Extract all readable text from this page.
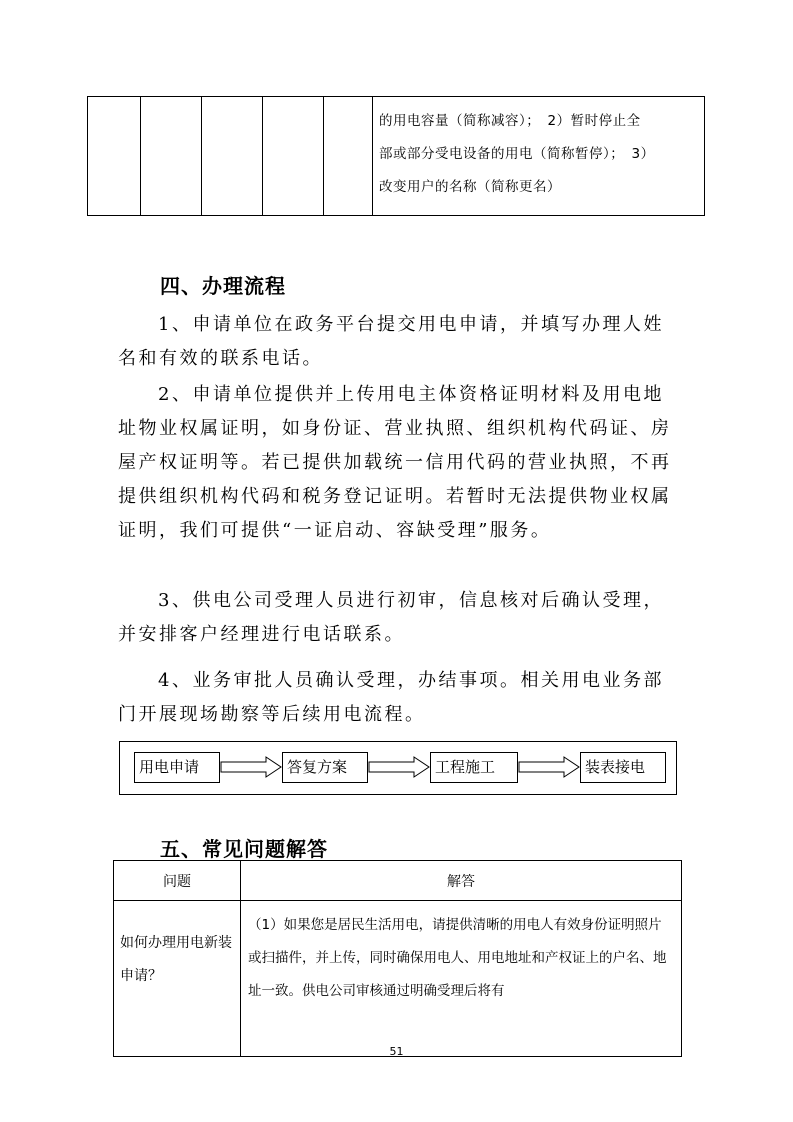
的用电容量（简称减容）；　2）暂时停止全
部或部分受电设备的用电（简称暂停）；　3）
改变用户的名称（简称更名）
四、办理流程
1、申请单位在政务平台提交用电申请，并填写办理人姓名和有效的联系电话。
2、申请单位提供并上传用电主体资格证明材料及用电地址物业权属证明，如身份证、营业执照、组织机构代码证、房屋产权证明等。若已提供加载统一信用代码的营业执照，不再提供组织机构代码和税务登记证明。若暂时无法提供物业权属证明，我们可提供“一证启动、容缺受理”服务。
3、供电公司受理人员进行初审，信息核对后确认受理，并安排客户经理进行电话联系。
4、业务审批人员确认受理，办结事项。相关用电业务部门开展现场勘察等后续用电流程。
用电申请	答复方案	工程施工	装表接电
五、常见问题解答
问题	解答
如何办理用电新装申请？	（1）如果您是居民生活用电，请提供清晰的用电人有效身份证明照片或扫描件，并上传，同时确保用电人、用电地址和产权证上的户名、地址一致。供电公司审核通过明确受理后将有
51
